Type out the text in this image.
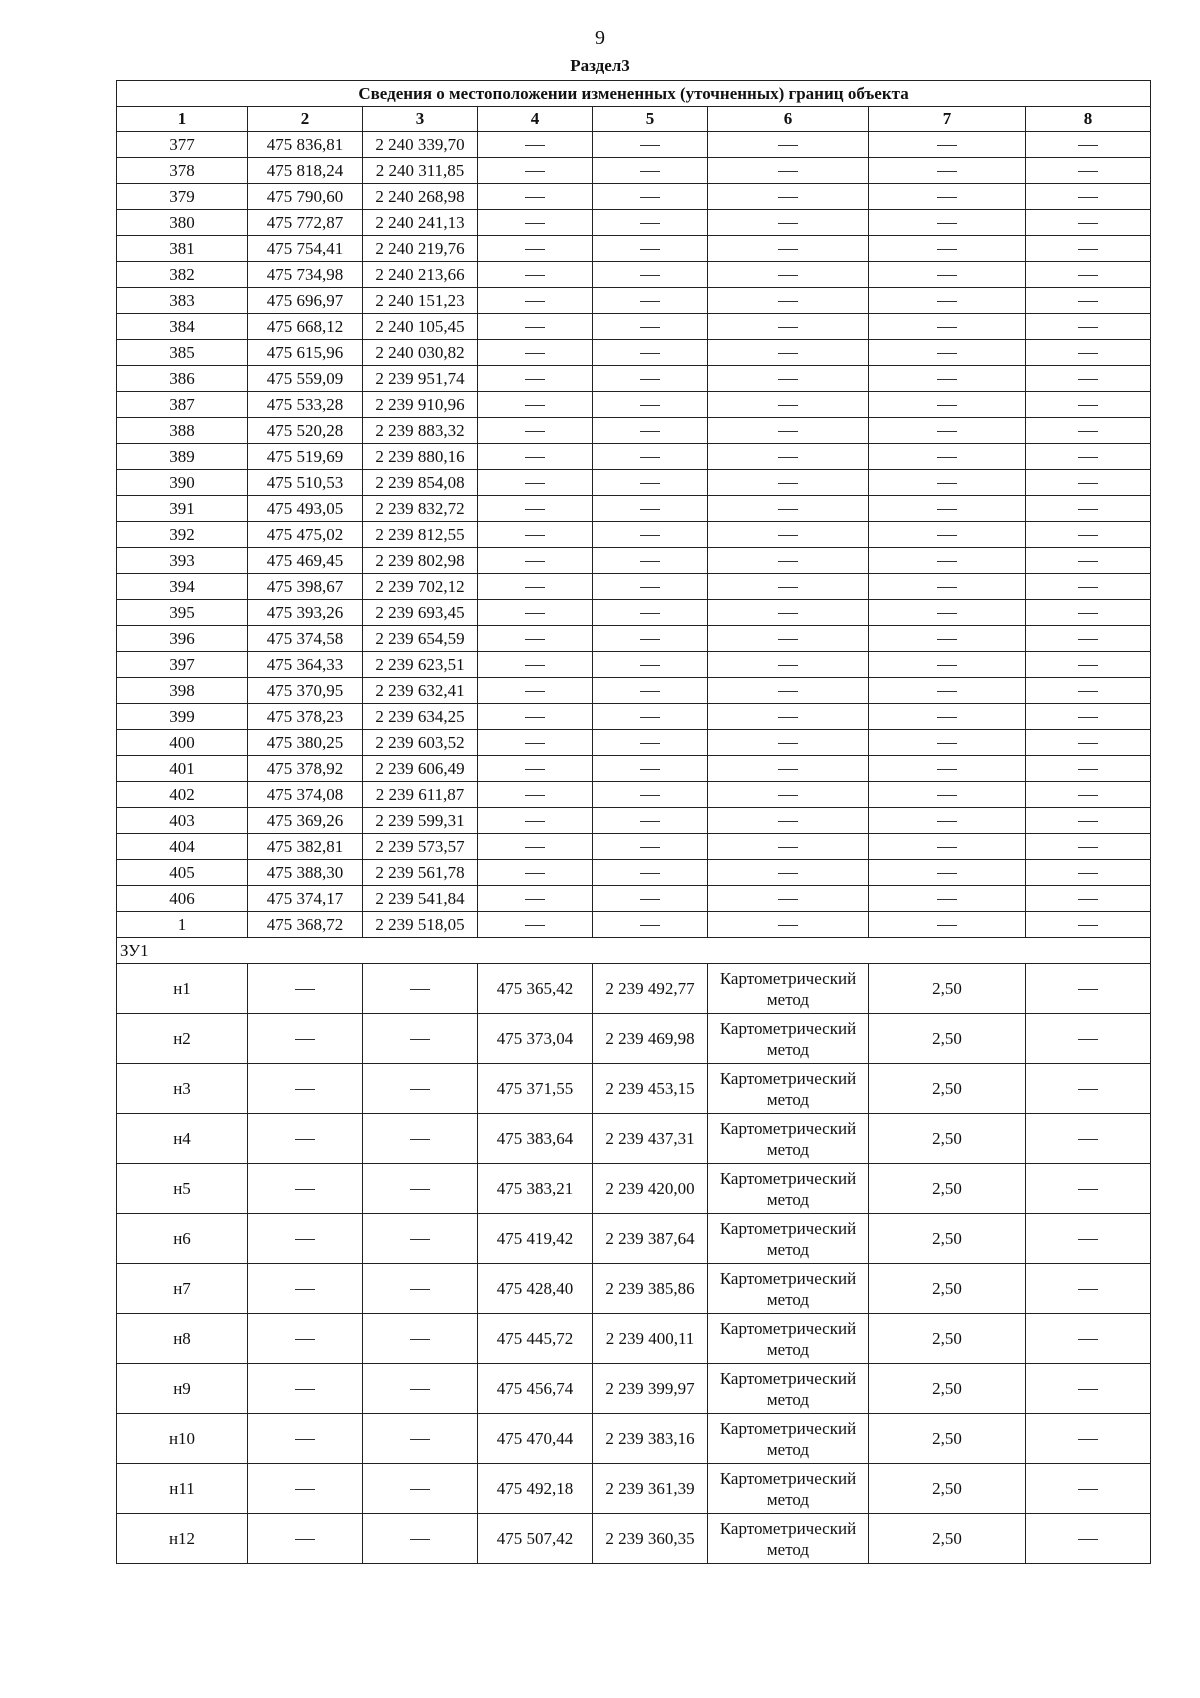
9
Раздел3
Сведения о местоположении измененных (уточненных) границ объекта							
1	2	3	4	5	6	7	8
377	475 836,81	2 240 339,70					
378	475 818,24	2 240 311,85					
379	475 790,60	2 240 268,98					
380	475 772,87	2 240 241,13					
381	475 754,41	2 240 219,76					
382	475 734,98	2 240 213,66					
383	475 696,97	2 240 151,23					
384	475 668,12	2 240 105,45					
385	475 615,96	2 240 030,82					
386	475 559,09	2 239 951,74					
387	475 533,28	2 239 910,96					
388	475 520,28	2 239 883,32					
389	475 519,69	2 239 880,16					
390	475 510,53	2 239 854,08					
391	475 493,05	2 239 832,72					
392	475 475,02	2 239 812,55					
393	475 469,45	2 239 802,98					
394	475 398,67	2 239 702,12					
395	475 393,26	2 239 693,45					
396	475 374,58	2 239 654,59					
397	475 364,33	2 239 623,51					
398	475 370,95	2 239 632,41					
399	475 378,23	2 239 634,25					
400	475 380,25	2 239 603,52					
401	475 378,92	2 239 606,49					
402	475 374,08	2 239 611,87					
403	475 369,26	2 239 599,31					
404	475 382,81	2 239 573,57					
405	475 388,30	2 239 561,78					
406	475 374,17	2 239 541,84					
1	475 368,72	2 239 518,05					
ЗУ1							
н1			475 365,42	2 239 492,77	Картометрический метод	2,50	
н2			475 373,04	2 239 469,98	Картометрический метод	2,50	
н3			475 371,55	2 239 453,15	Картометрический метод	2,50	
н4			475 383,64	2 239 437,31	Картометрический метод	2,50	
н5			475 383,21	2 239 420,00	Картометрический метод	2,50	
н6			475 419,42	2 239 387,64	Картометрический метод	2,50	
н7			475 428,40	2 239 385,86	Картометрический метод	2,50	
н8			475 445,72	2 239 400,11	Картометрический метод	2,50	
н9			475 456,74	2 239 399,97	Картометрический метод	2,50	
н10			475 470,44	2 239 383,16	Картометрический метод	2,50	
н11			475 492,18	2 239 361,39	Картометрический метод	2,50	
н12			475 507,42	2 239 360,35	Картометрический метод	2,50	
